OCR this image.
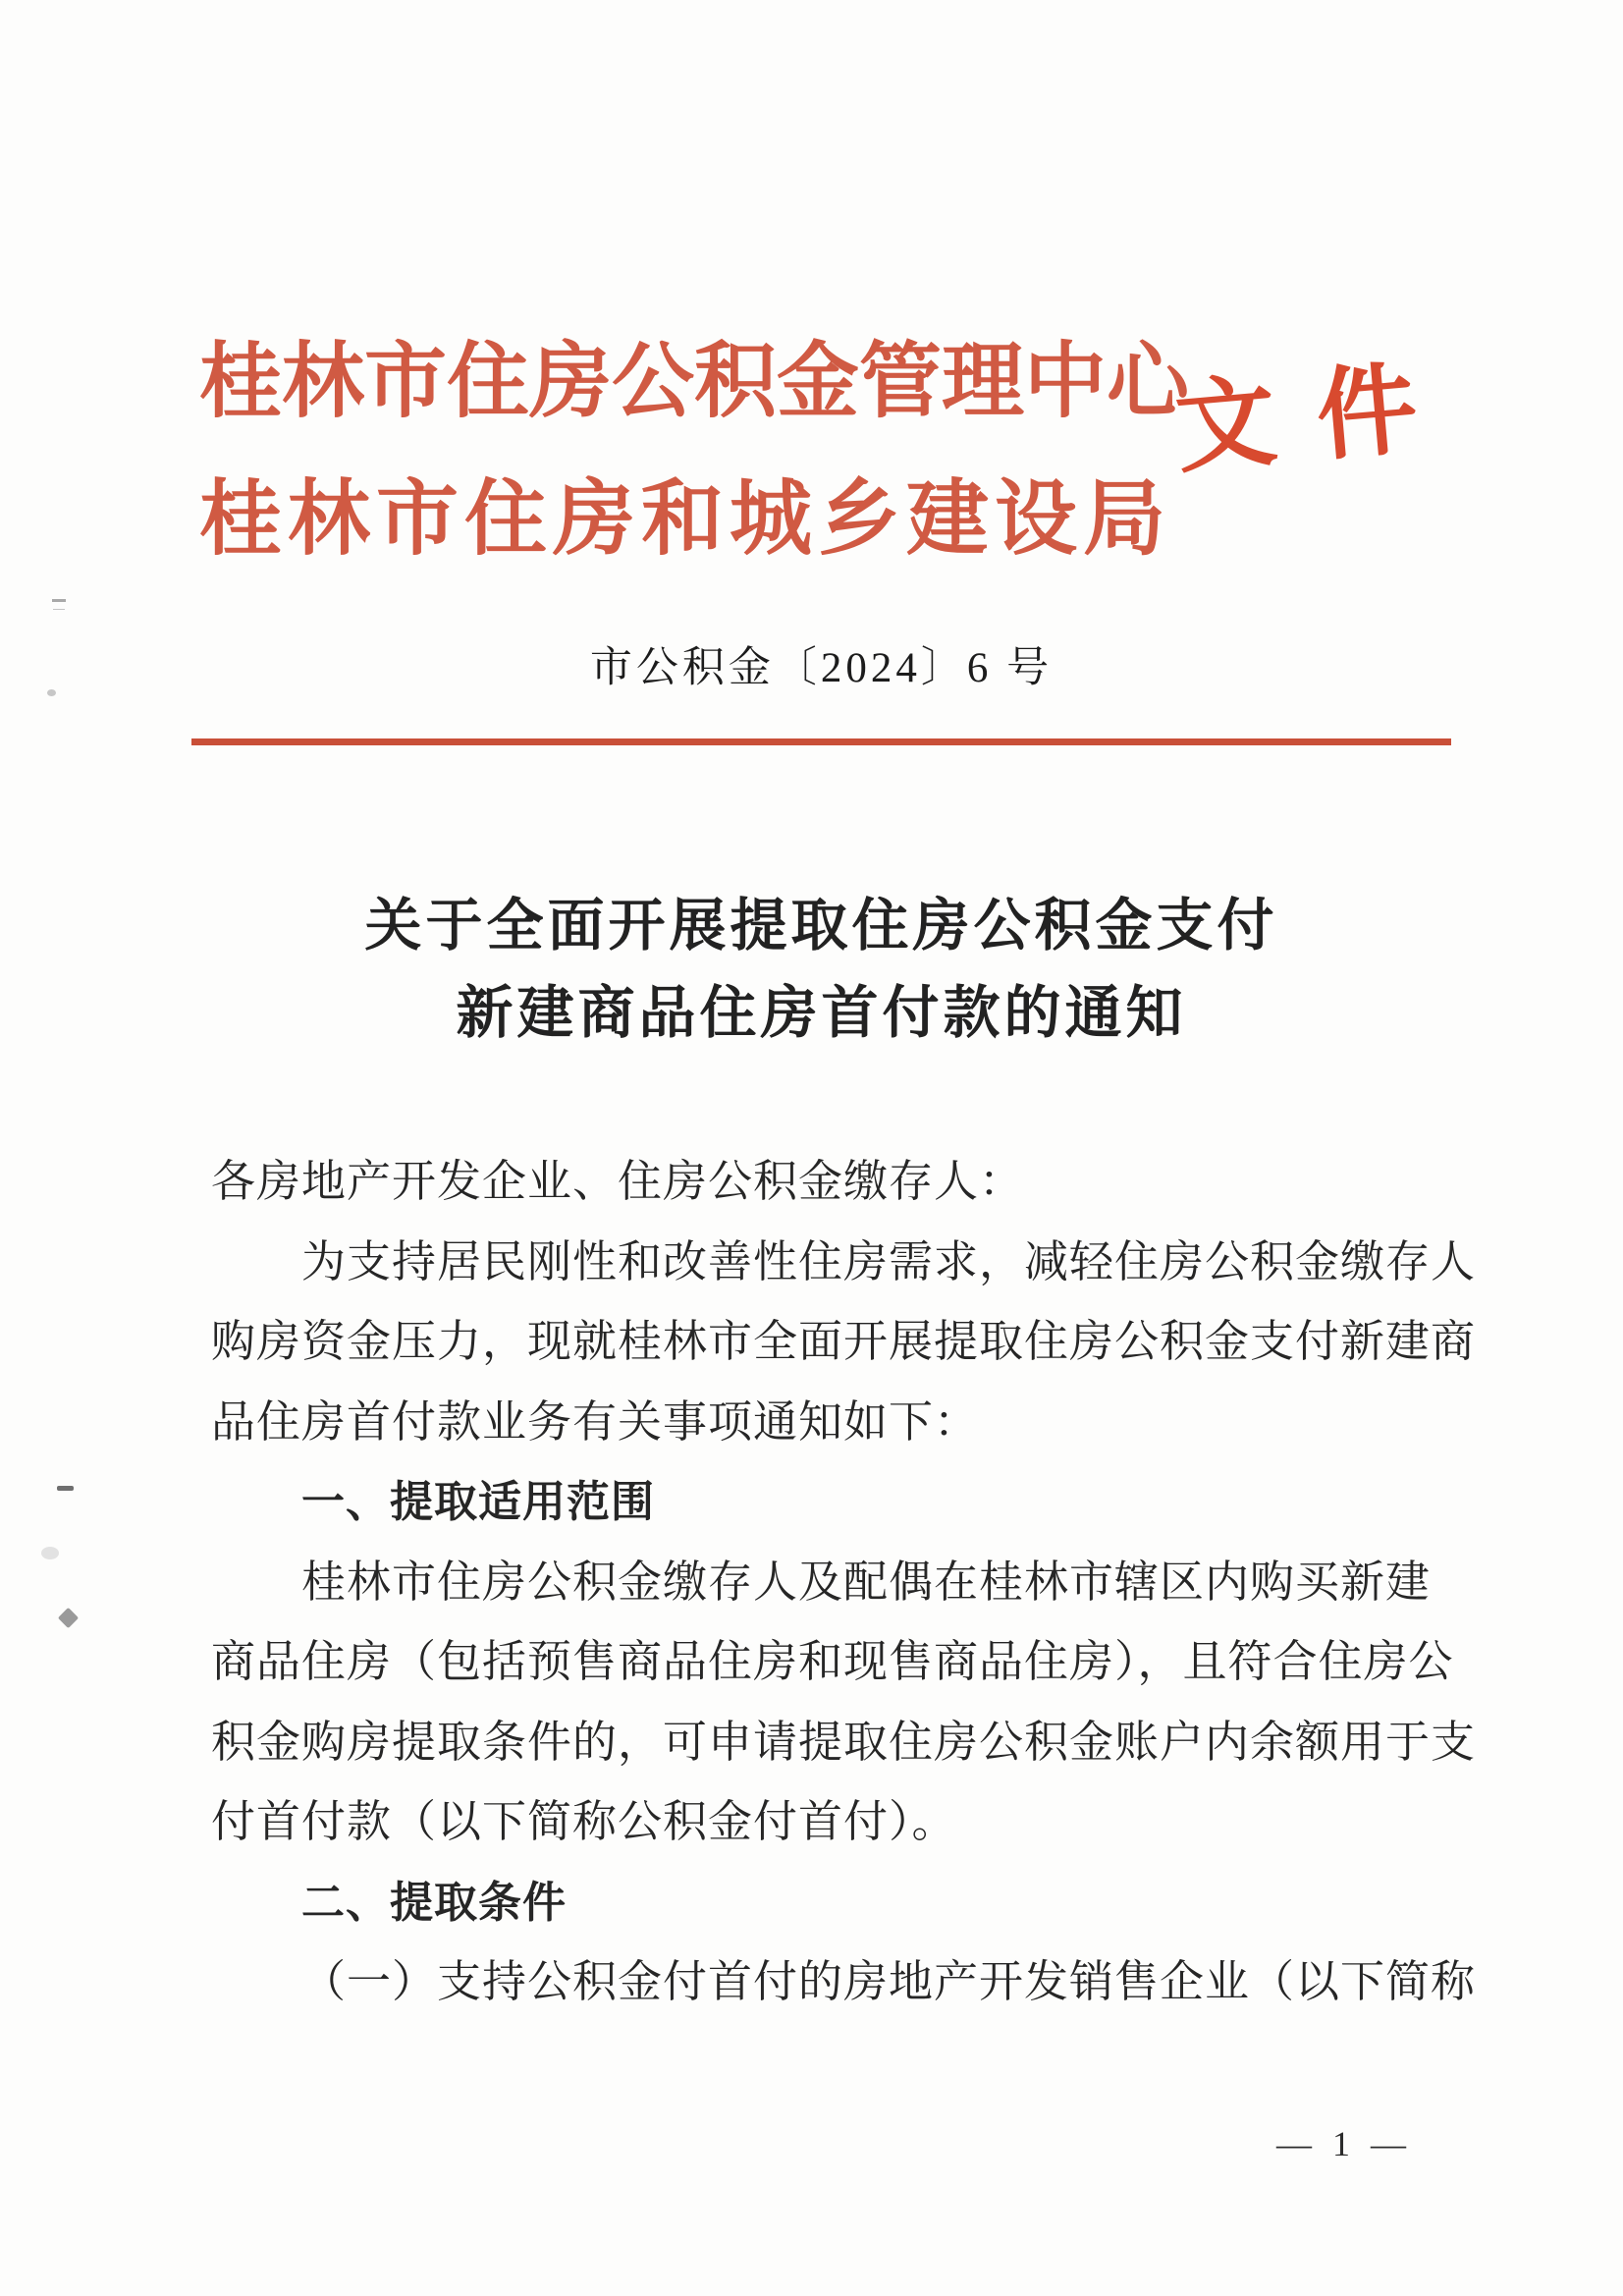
桂林市住房公积金管理中心
桂林市住房和城乡建设局
文件
市公积金〔2024〕6 号
关于全面开展提取住房公积金支付
新建商品住房首付款的通知
各房地产开发企业、住房公积金缴存人：
为支持居民刚性和改善性住房需求，减轻住房公积金缴存人
购房资金压力，现就桂林市全面开展提取住房公积金支付新建商
品住房首付款业务有关事项通知如下：
一、提取适用范围
桂林市住房公积金缴存人及配偶在桂林市辖区内购买新建
商品住房（包括预售商品住房和现售商品住房），且符合住房公
积金购房提取条件的，可申请提取住房公积金账户内余额用于支
付首付款（以下简称公积金付首付）。
二、提取条件
（一）支持公积金付首付的房地产开发销售企业（以下简称
— 1 —
